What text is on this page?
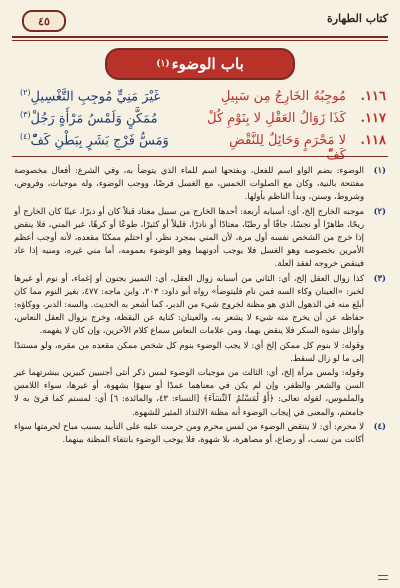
كتاب الطهارة
٤٥
باب الوضوء
(١)
١١٦.
مُوجِبُهُ الخَارِجُ مِن سَبِيلِ
غَيْرَ مَنِيٍّ مُوجِبِ التَّغْسِيلِ$^{(٢)}$
١١٧.
كَذَا زَوَالُ العَقْلِ لا بِنَوْمِ كُلْ
مُمَكَّنٍ وَلَمْسُ مَرْأَةٍ رَجُلْ$^{(٣)}$
١١٨.
لا مَحْرَمٍ وَحَائِلٌ لِلنَّقْضِ كَفّْ
وَمَسُّ فَرْجِ بَشَرٍ بِبَطْنِ كَفّْ$^{(٤)}$
(١)
الوضوء: بضم الواو اسم للفعل، وبفتحها اسم للماء الذي يتوضأ به، وفي الشرع: أفعال مخصوصة مفتتحة بالنية، وكان مع الصلوات الخمس، مع الغسل فرضًا، ووجب الوضوء، وله موجبات، وفروض، وشروط، وسنن، وبدأ الناظم بأولها.
(٢)
موجبه الخارج إلخ، أي: أسبابه أربعة: أحدها الخارج من سبيل معتاد قبلاً كان أو دبرًا، عينًا كان الخارج أو ريحًا، طاهرًا أو نجسًا، جافًا أو رطبًا، معتادًا أو نادرًا، قليلاً أو كثيرًا، طوعًا أو كرهًا، غير المني، فلا ينقض إذا خرج من الشخص نفسه أول مرة، لأن المني بمجرد نظر، أو احتلم ممكنًا مقعده، لأنه أوجب أعظم الأمرين بخصوصه وهو الغسل فلا يوجب أدونهما وهو الوضوء بعمومه، أما مني غيره، ومنيه إذا عاد فينقض خروجه لفقد العلة.
(٣)
كذا زوال العقل إلخ، أي: الثاني من أسبابه زوال العقل، أي: التمييز بجنون أو إغماء، أو نوم أو غيرها لخبر: «العينان وكاء السه فمن نام فليتوضأ» رواه أبو داود: ٢٠٣، وابن ماجه: ٤٧٧، بغير النوم مما كان أبلغ منه في الذهول الذي هو مظنة لخروج شيء من الدبر، كما أشعر به الحديث. والسه: الدبر، ووكاؤه: حفاظه عن أن يخرج منه شيء لا يشعر به، والعينان: كناية عن اليقظة، وخرج بزوال العقل النعاس، وأوائل نشوة السكر فلا ينقض بهما، ومن علامات النعاس سماع كلام الآخرين، وإن كان لا يفهمه.
وقوله: لا بنوم كل ممكن إلخ أي: لا يجب الوضوء بنوم كل شخص ممكن مقعده من مقره، ولو مستندًا إلى ما لو زال لسقط.
وقوله: ولمس مرأة إلخ، أي: الثالث من موجبات الوضوء لمس ذكر أنثى أجنبيين كبيرين ببشرتهما غير السن والشعر والظفر، وإن لم يكن في معناهما عمدًا أو سهوًا بشهوة، أو غيرها، سواء اللامس والملموس، لقوله تعالى: ﴿أَوْ لَٰمَسْتُمُ ٱلنِّسَآءَ﴾ [النساء: ٤٣، والمائدة: ٦] أي: لمستم كما قرئ به لا جامعتم، والمعنى في إيجاب الوضوء أنه مظنة الالتذاذ المثير للشهوة.
(٤)
لا محرم: أي: لا ينتقض الوضوء من لمس محرم ومن حرمت عليه على التأبيد بسبب مباح لحرمتها سواء أكانت من نسب، أو رضاع، أو مصاهرة، بلا شهوة، فلا يوجب الوضوء بانتفاء المظنة بينهما.
